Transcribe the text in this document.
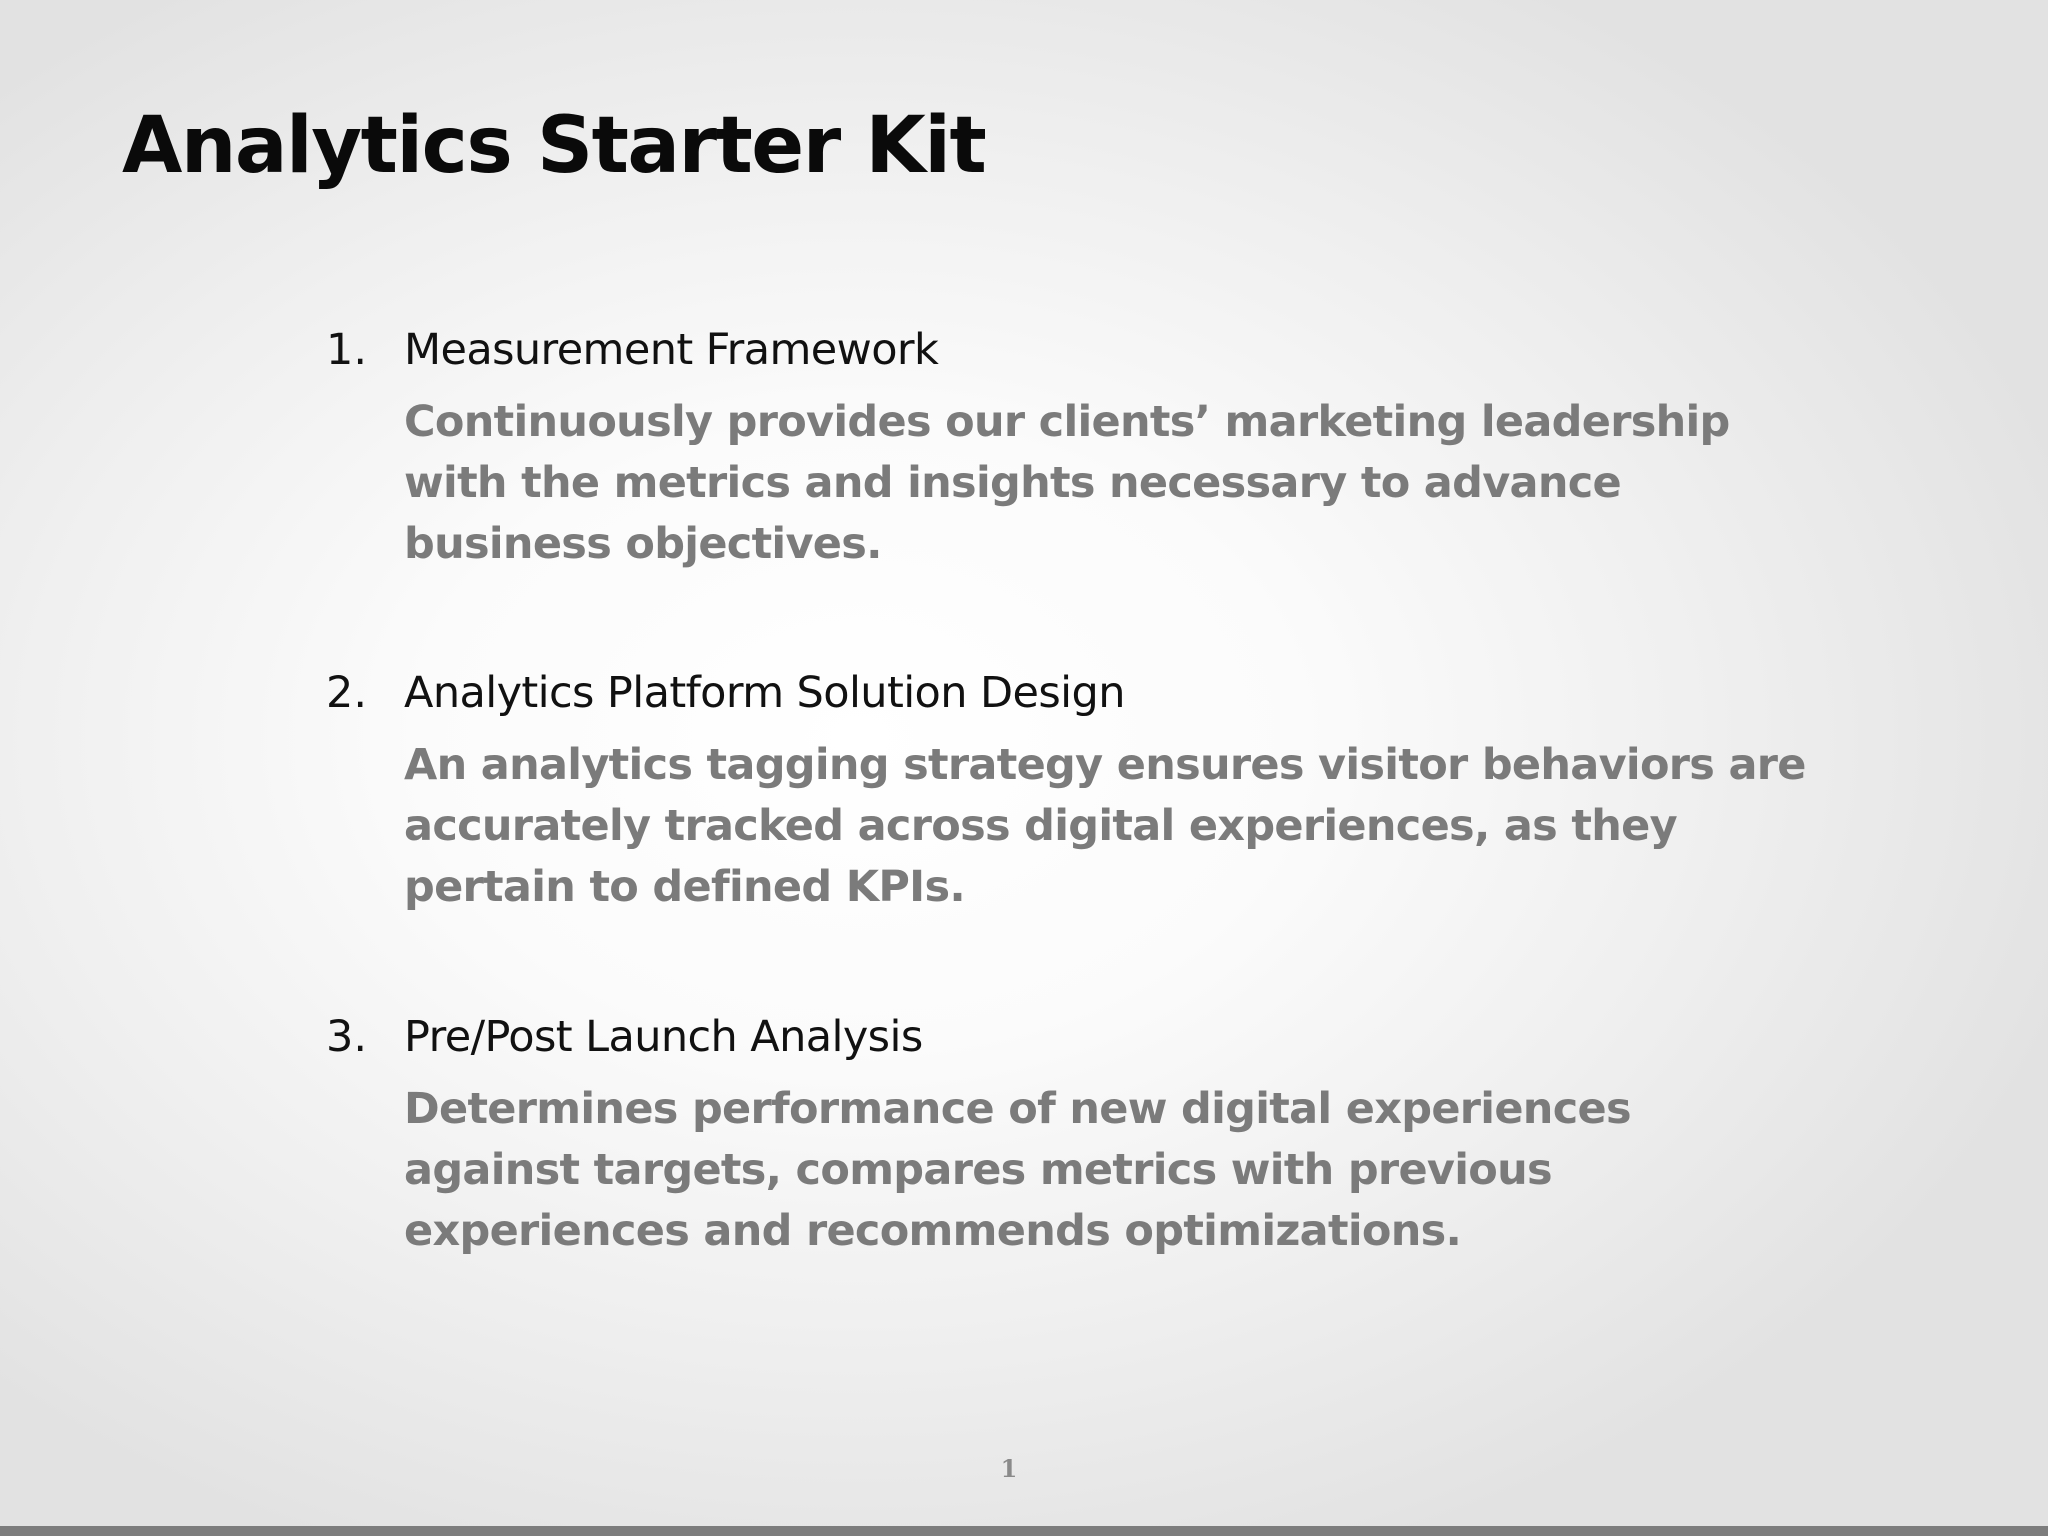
Analytics Starter Kit
1. Measurement Framework
Continuously provides our clients’ marketing leadership
with the metrics and insights necessary to advance
business objectives.
2. Analytics Platform Solution Design
An analytics tagging strategy ensures visitor behaviors are
accurately tracked across digital experiences, as they
pertain to defined KPIs.
3. Pre/Post Launch Analysis
Determines performance of new digital experiences
against targets, compares metrics with previous
experiences and recommends optimizations.
1
